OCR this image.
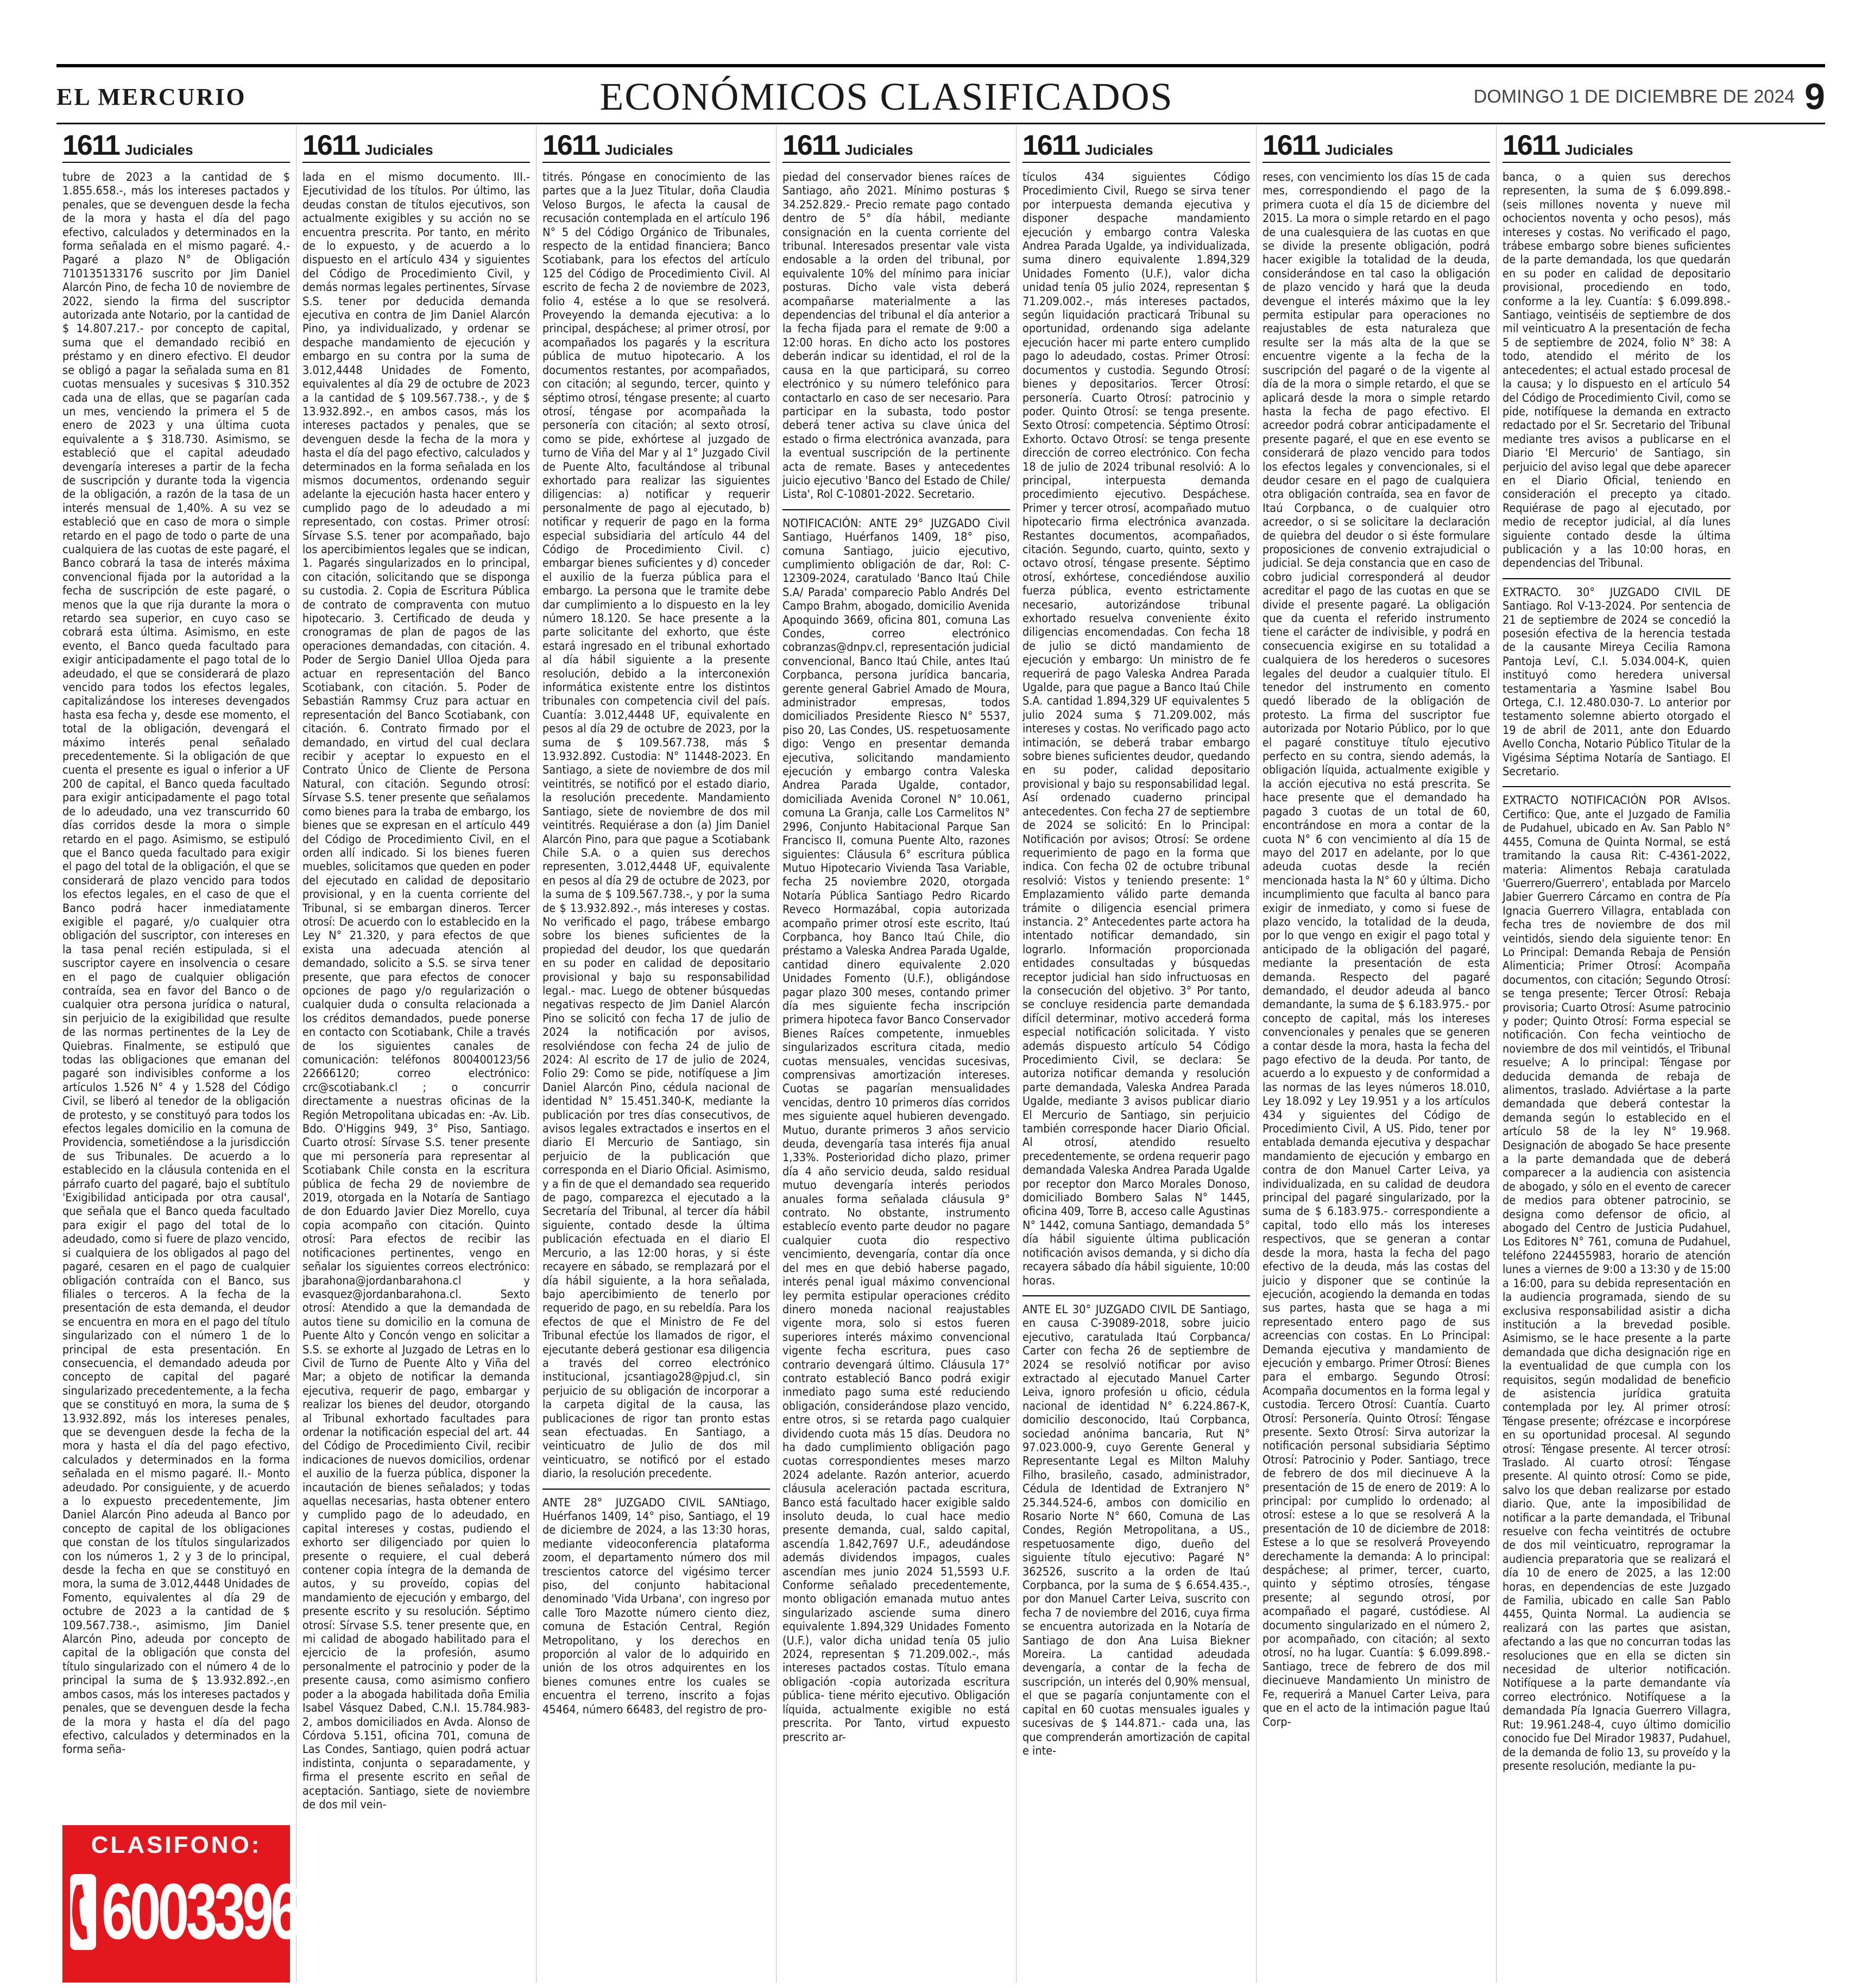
EL MERCURIO	ECONÓMICOS CLASIFICADOS	DOMINGO 1 DE DICIEMBRE DE 2024 9
1611 Judiciales

tubre de 2023 a la cantidad de $ 1.855.658.-, más los intereses pactados y penales, que se devenguen desde la fecha de la mora y hasta el día del pago efectivo, calculados y determinados en la forma señalada en el mismo pagaré. 4.- Pagaré a plazo N° de Obligación 710135133176 suscrito por Jim Daniel Alarcón Pino, de fecha 10 de noviembre de 2022, siendo la firma del suscriptor autorizada ante Notario, por la cantidad de $ 14.807.217.- por concepto de capital, suma que el demandado recibió en préstamo y en dinero efectivo. El deudor se obligó a pagar la señalada suma en 81 cuotas mensuales y sucesivas $ 310.352 cada una de ellas, que se pagarían cada un mes, venciendo la primera el 5 de enero de 2023 y una última cuota equivalente a $ 318.730. Asimismo, se estableció que el capital adeudado devengaría intereses a partir de la fecha de suscripción y durante toda la vigencia de la obligación, a razón de la tasa de un interés mensual de 1,40%. A su vez se estableció que en caso de mora o simple retardo en el pago de todo o parte de una cualquiera de las cuotas de este pagaré, el Banco cobrará la tasa de interés máxima convencional fijada por la autoridad a la fecha de suscripción de este pagaré, o menos que la que rija durante la mora o retardo sea superior, en cuyo caso se cobrará esta última. Asimismo, en este evento, el Banco queda facultado para exigir anticipadamente el pago total de lo adeudado, el que se considerará de plazo vencido para todos los efectos legales, capitalizándose los intereses devengados hasta esa fecha y, desde ese momento, el total de la obligación, devengará el máximo interés penal señalado precedentemente. Si la obligación de que cuenta el presente es igual o inferior a UF 200 de capital, el Banco queda facultado para exigir anticipadamente el pago total de lo adeudado, una vez transcurrido 60 días corridos desde la mora o simple retardo en el pago. Asimismo, se estipuló que el Banco queda facultado para exigir el pago del total de la obligación, el que se considerará de plazo vencido para todos los efectos legales, en el caso de que el Banco podrá hacer inmediatamente exigible el pagaré, y/o cualquier otra obligación del suscriptor, con intereses en la tasa penal recién estipulada, si el suscriptor cayere en insolvencia o cesare en el pago de cualquier obligación contraída, sea en favor del Banco o de cualquier otra persona jurídica o natural, sin perjuicio de la exigibilidad que resulte de las normas pertinentes de la Ley de Quiebras. Finalmente, se estipuló que todas las obligaciones que emanan del pagaré son indivisibles conforme a los artículos 1.526 N° 4 y 1.528 del Código Civil, se liberó al tenedor de la obligación de protesto, y se constituyó para todos los efectos legales domicilio en la comuna de Providencia, sometiéndose a la jurisdicción de sus Tribunales. De acuerdo a lo establecido en la cláusula contenida en el párrafo cuarto del pagaré, bajo el subtítulo 'Exigibilidad anticipada por otra causal', que señala que el Banco queda facultado para exigir el pago del total de lo adeudado, como si fuere de plazo vencido, si cualquiera de los obligados al pago del pagaré, cesaren en el pago de cualquier obligación contraída con el Banco, sus filiales o terceros. A la fecha de la presentación de esta demanda, el deudor se encuentra en mora en el pago del título singularizado con el número 1 de lo principal de esta presentación. En consecuencia, el demandado adeuda por concepto de capital del pagaré singularizado precedentemente, a la fecha que se constituyó en mora, la suma de $ 13.932.892, más los intereses penales, que se devenguen desde la fecha de la mora y hasta el día del pago efectivo, calculados y determinados en la forma señalada en el mismo pagaré. II.- Monto adeudado. Por consiguiente, y de acuerdo a lo expuesto precedentemente, Jim Daniel Alarcón Pino adeuda al Banco por concepto de capital de los obligaciones que constan de los títulos singularizados con los números 1, 2 y 3 de lo principal, desde la fecha en que se constituyó en mora, la suma de 3.012,4448 Unidades de Fomento, equivalentes al día 29 de octubre de 2023 a la cantidad de $ 109.567.738.-, asimismo, Jim Daniel Alarcón Pino, adeuda por concepto de capital de la obligación que consta del título singularizado con el número 4 de lo principal la suma de $ 13.932.892.-,en ambos casos, más los intereses pactados y penales, que se devenguen desde la fecha de la mora y hasta el día del pago efectivo, calculados y determinados en la forma seña-

CLASIFONO:
6003396000
1611 Judiciales

lada en el mismo documento. III.- Ejecutividad de los títulos. Por último, las deudas constan de títulos ejecutivos, son actualmente exigibles y su acción no se encuentra prescrita. Por tanto, en mérito de lo expuesto, y de acuerdo a lo dispuesto en el artículo 434 y siguientes del Código de Procedimiento Civil, y demás normas legales pertinentes, Sírvase S.S. tener por deducida demanda ejecutiva en contra de Jim Daniel Alarcón Pino, ya individualizado, y ordenar se despache mandamiento de ejecución y embargo en su contra por la suma de 3.012,4448 Unidades de Fomento, equivalentes al día 29 de octubre de 2023 a la cantidad de $ 109.567.738.-, y de $ 13.932.892.-, en ambos casos, más los intereses pactados y penales, que se devenguen desde la fecha de la mora y hasta el día del pago efectivo, calculados y determinados en la forma señalada en los mismos documentos, ordenando seguir adelante la ejecución hasta hacer entero y cumplido pago de lo adeudado a mi representado, con costas. Primer otrosí: Sírvase S.S. tener por acompañado, bajo los apercibimientos legales que se indican, 1. Pagarés singularizados en lo principal, con citación, solicitando que se disponga su custodia. 2. Copia de Escritura Pública de contrato de compraventa con mutuo hipotecario. 3. Certificado de deuda y cronogramas de plan de pagos de las operaciones demandadas, con citación. 4. Poder de Sergio Daniel Ulloa Ojeda para actuar en representación del Banco Scotiabank, con citación. 5. Poder de Sebastián Rammsy Cruz para actuar en representación del Banco Scotiabank, con citación. 6. Contrato firmado por el demandado, en virtud del cual declara recibir y aceptar lo expuesto en el Contrato Único de Cliente de Persona Natural, con citación. Segundo otrosí: Sírvase S.S. tener presente que señalamos como bienes para la traba de embargo, los bienes que se expresan en el artículo 449 del Código de Procedimiento Civil, en el orden allí indicado. Si los bienes fueren muebles, solicitamos que queden en poder del ejecutado en calidad de depositario provisional, y en la cuenta corriente del Tribunal, si se embargan dineros. Tercer otrosí: De acuerdo con lo establecido en la Ley N° 21.320, y para efectos de que exista una adecuada atención al demandado, solicito a S.S. se sirva tener presente, que para efectos de conocer opciones de pago y/o regularización o cualquier duda o consulta relacionada a los créditos demandados, puede ponerse en contacto con Scotiabank, Chile a través de los siguientes canales de comunicación: teléfonos 800400123/56 22666120; correo electrónico: crc@scotiabank.cl ; o concurrir directamente a nuestras oficinas de la Región Metropolitana ubicadas en: -Av. Lib. Bdo. O'Higgins 949, 3° Piso, Santiago. Cuarto otrosí: Sírvase S.S. tener presente que mi personería para representar al Scotiabank Chile consta en la escritura pública de fecha 29 de noviembre de 2019, otorgada en la Notaría de Santiago de don Eduardo Javier Diez Morello, cuya copia acompaño con citación. Quinto otrosí: Para efectos de recibir las notificaciones pertinentes, vengo en señalar los siguientes correos electrónico: jbarahona@jordanbarahona.cl y evasquez@jordanbarahona.cl. Sexto otrosí: Atendido a que la demandada de autos tiene su domicilio en la comuna de Puente Alto y Concón vengo en solicitar a S.S. se exhorte al Juzgado de Letras en lo Civil de Turno de Puente Alto y Viña del Mar; a objeto de notificar la demanda ejecutiva, requerir de pago, embargar y realizar los bienes del deudor, otorgando al Tribunal exhortado facultades para ordenar la notificación especial del art. 44 del Código de Procedimiento Civil, recibir indicaciones de nuevos domicilios, ordenar el auxilio de la fuerza pública, disponer la incautación de bienes señalados; y todas aquellas necesarias, hasta obtener entero y cumplido pago de lo adeudado, en capital intereses y costas, pudiendo el exhorto ser diligenciado por quien lo presente o requiere, el cual deberá contener copia íntegra de la demanda de autos, y su proveído, copias del mandamiento de ejecución y embargo, del presente escrito y su resolución. Séptimo otrosí: Sírvase S.S. tener presente que, en mi calidad de abogado habilitado para el ejercicio de la profesión, asumo personalmente el patrocinio y poder de la presente causa, como asimismo confiero poder a la abogada habilitada doña Emilia Isabel Vásquez Dabed, C.N.I. 15.784.983-2, ambos domiciliados en Avda. Alonso de Córdova 5.151, oficina 701, comuna de Las Condes, Santiago, quien podrá actuar indistinta, conjunta o separadamente, y firma el presente escrito en señal de aceptación. Santiago, siete de noviembre de dos mil vein-

1611 Judiciales

titrés. Póngase en conocimiento de las partes que a la Juez Titular, doña Claudia Veloso Burgos, le afecta la causal de recusación contemplada en el artículo 196 N° 5 del Código Orgánico de Tribunales, respecto de la entidad financiera; Banco Scotiabank, para los efectos del artículo 125 del Código de Procedimiento Civil. Al escrito de fecha 2 de noviembre de 2023, folio 4, estése a lo que se resolverá. Proveyendo la demanda ejecutiva: a lo principal, despáchese; al primer otrosí, por acompañados los pagarés y la escritura pública de mutuo hipotecario. A los documentos restantes, por acompañados, con citación; al segundo, tercer, quinto y séptimo otrosí, téngase presente; al cuarto otrosí, téngase por acompañada la personería con citación; al sexto otrosí, como se pide, exhórtese al juzgado de turno de Viña del Mar y al 1° Juzgado Civil de Puente Alto, facultándose al tribunal exhortado para realizar las siguientes diligencias: a) notificar y requerir personalmente de pago al ejecutado, b) notificar y requerir de pago en la forma especial subsidiaria del artículo 44 del Código de Procedimiento Civil. c) embargar bienes suficientes y d) conceder el auxilio de la fuerza pública para el embargo. La persona que le tramite debe dar cumplimiento a lo dispuesto en la ley número 18.120. Se hace presente a la parte solicitante del exhorto, que éste estará ingresado en el tribunal exhortado al día hábil siguiente a la presente resolución, debido a la interconexión informática existente entre los distintos tribunales con competencia civil del país. Cuantía: 3.012,4448 UF, equivalente en pesos al día 29 de octubre de 2023, por la suma de $ 109.567.738, más $ 13.932.892. Custodia: N° 11448-2023. En Santiago, a siete de noviembre de dos mil veintitrés, se notificó por el estado diario, la resolución precedente. Mandamiento Santiago, siete de noviembre de dos mil veintitrés. Requiérase a don (a) Jim Daniel Alarcón Pino, para que pague a Scotiabank Chile S.A. o a quien sus derechos representen, 3.012,4448 UF, equivalente en pesos al día 29 de octubre de 2023, por la suma de $ 109.567.738.-, y por la suma de $ 13.932.892.-, más intereses y costas. No verificado el pago, trábese embargo sobre los bienes suficientes de la propiedad del deudor, los que quedarán en su poder en calidad de depositario provisional y bajo su responsabilidad legal.- mac. Luego de obtener búsquedas negativas respecto de Jim Daniel Alarcón Pino se solicitó con fecha 17 de julio de 2024 la notificación por avisos, resolviéndose con fecha 24 de julio de 2024: Al escrito de 17 de julio de 2024, Folio 29: Como se pide, notifíquese a Jim Daniel Alarcón Pino, cédula nacional de identidad N° 15.451.340-K, mediante la publicación por tres días consecutivos, de avisos legales extractados e insertos en el diario El Mercurio de Santiago, sin perjuicio de la publicación que corresponda en el Diario Oficial. Asimismo, y a fin de que el demandado sea requerido de pago, comparezca el ejecutado a la Secretaría del Tribunal, al tercer día hábil siguiente, contado desde la última publicación efectuada en el diario El Mercurio, a las 12:00 horas, y si éste recayere en sábado, se remplazará por el día hábil siguiente, a la hora señalada, bajo apercibimiento de tenerlo por requerido de pago, en su rebeldía. Para los efectos de que el Ministro de Fe del Tribunal efectúe los llamados de rigor, el ejecutante deberá gestionar esa diligencia a través del correo electrónico institucional, jcsantiago28@pjud.cl, sin perjuicio de su obligación de incorporar a la carpeta digital de la causa, las publicaciones de rigor tan pronto estas sean efectuadas. En Santiago, a veinticuatro de Julio de dos mil veinticuatro, se notificó por el estado diario, la resolución precedente.

ANTE 28° JUZGADO CIVIL SANtiago, Huérfanos 1409, 14° piso, Santiago, el 19 de diciembre de 2024, a las 13:30 horas, mediante videoconferencia plataforma zoom, el departamento número dos mil trescientos catorce del vigésimo tercer piso, del conjunto habitacional denominado 'Vida Urbana', con ingreso por calle Toro Mazotte número ciento diez, comuna de Estación Central, Región Metropolitano, y los derechos en proporción al valor de lo adquirido en unión de los otros adquirentes en los bienes comunes entre los cuales se encuentra el terreno, inscrito a fojas 45464, número 66483, del registro de pro-

1611 Judiciales

piedad del conservador bienes raíces de Santiago, año 2021. Mínimo posturas $ 34.252.829.- Precio remate pago contado dentro de 5° día hábil, mediante consignación en la cuenta corriente del tribunal. Interesados presentar vale vista endosable a la orden del tribunal, por equivalente 10% del mínimo para iniciar posturas. Dicho vale vista deberá acompañarse materialmente a las dependencias del tribunal el día anterior a la fecha fijada para el remate de 9:00 a 12:00 horas. En dicho acto los postores deberán indicar su identidad, el rol de la causa en la que participará, su correo electrónico y su número telefónico para contactarlo en caso de ser necesario. Para participar en la subasta, todo postor deberá tener activa su clave única del estado o firma electrónica avanzada, para la eventual suscripción de la pertinente acta de remate. Bases y antecedentes juicio ejecutivo 'Banco del Estado de Chile/ Lista', Rol C-10801-2022. Secretario.

NOTIFICACIÓN: ANTE 29° JUZGADO Civil Santiago, Huérfanos 1409, 18° piso, comuna Santiago, juicio ejecutivo, cumplimiento obligación de dar, Rol: C-12309-2024, caratulado 'Banco Itaú Chile S.A/ Parada' comparecio Pablo Andrés Del Campo Brahm, abogado, domicilio Avenida Apoquindo 3669, oficina 801, comuna Las Condes, correo electrónico cobranzas@dnpv.cl, representación judicial convencional, Banco Itaú Chile, antes Itaú Corpbanca, persona jurídica bancaria, gerente general Gabriel Amado de Moura, administrador empresas, todos domiciliados Presidente Riesco N° 5537, piso 20, Las Condes, US. respetuosamente digo: Vengo en presentar demanda ejecutiva, solicitando mandamiento ejecución y embargo contra Valeska Andrea Parada Ugalde, contador, domiciliada Avenida Coronel N° 10.061, comuna La Granja, calle Los Carmelitos N° 2996, Conjunto Habitacional Parque San Francisco II, comuna Puente Alto, razones siguientes: Cláusula 6° escritura pública Mutuo Hipotecario Vivienda Tasa Variable, fecha 25 noviembre 2020, otorgada Notaría Pública Santiago Pedro Ricardo Reveco Hormazábal, copia autorizada acompaño primer otrosí este escrito, Itaú Corpbanca, hoy Banco Itaú Chile, dio préstamo a Valeska Andrea Parada Ugalde, cantidad dinero equivalente 2.020 Unidades Fomento (U.F.), obligándose pagar plazo 300 meses, contando primer día mes siguiente fecha inscripción primera hipoteca favor Banco Conservador Bienes Raíces competente, inmuebles singularizados escritura citada, medio cuotas mensuales, vencidas sucesivas, comprensivas amortización intereses. Cuotas se pagarían mensualidades vencidas, dentro 10 primeros días corridos mes siguiente aquel hubieren devengado. Mutuo, durante primeros 3 años servicio deuda, devengaría tasa interés fija anual 1,33%. Posterioridad dicho plazo, primer día 4 año servicio deuda, saldo residual mutuo devengaría interés periodos anuales forma señalada cláusula 9° contrato. No obstante, instrumento establecío evento parte deudor no pagare cualquier cuota dio respectivo vencimiento, devengaría, contar día once del mes en que debió haberse pagado, interés penal igual máximo convencional ley permita estipular operaciones crédito dinero moneda nacional reajustables vigente mora, solo si estos fueren superiores interés máximo convencional vigente fecha escritura, pues caso contrario devengará último. Cláusula 17° contrato estableció Banco podrá exigir inmediato pago suma esté reduciendo obligación, considerándose plazo vencido, entre otros, si se retarda pago cualquier dividendo cuota más 15 días. Deudora no ha dado cumplimiento obligación pago cuotas correspondientes meses marzo 2024 adelante. Razón anterior, acuerdo cláusula aceleración pactada escritura, Banco está facultado hacer exigible saldo insoluto deuda, lo cual hace medio presente demanda, cual, saldo capital, ascendía 1.842,7697 U.F., adeudándose además dividendos impagos, cuales ascendían mes junio 2024 51,5593 U.F. Conforme señalado precedentemente, monto obligación emanada mutuo antes singularizado asciende suma dinero equivalente 1.894,329 Unidades Fomento (U.F.), valor dicha unidad tenía 05 julio 2024, representan $ 71.209.002.-, más intereses pactados costas. Título emana obligación -copia autorizada escritura pública- tiene mérito ejecutivo. Obligación líquida, actualmente exigible no está prescrita. Por Tanto, virtud expuesto prescrito ar-

1611 Judiciales

tículos 434 siguientes Código Procedimiento Civil, Ruego se sirva tener por interpuesta demanda ejecutiva y disponer despache mandamiento ejecución y embargo contra Valeska Andrea Parada Ugalde, ya individualizada, suma dinero equivalente 1.894,329 Unidades Fomento (U.F.), valor dicha unidad tenía 05 julio 2024, representan $ 71.209.002.-, más intereses pactados, según liquidación practicará Tribunal su oportunidad, ordenando siga adelante ejecución hacer mi parte entero cumplido pago lo adeudado, costas. Primer Otrosí: documentos y custodia. Segundo Otrosí: bienes y depositarios. Tercer Otrosí: personería. Cuarto Otrosí: patrocinio y poder. Quinto Otrosí: se tenga presente. Sexto Otrosí: competencia. Séptimo Otrosí: Exhorto. Octavo Otrosí: se tenga presente dirección de correo electrónico. Con fecha 18 de julio de 2024 tribunal resolvió: A lo principal, interpuesta demanda procedimiento ejecutivo. Despáchese. Primer y tercer otrosí, acompañado mutuo hipotecario firma electrónica avanzada. Restantes documentos, acompañados, citación. Segundo, cuarto, quinto, sexto y octavo otrosí, téngase presente. Séptimo otrosí, exhórtese, concediéndose auxilio fuerza pública, evento estrictamente necesario, autorizándose tribunal exhortado resuelva conveniente éxito diligencias encomendadas. Con fecha 18 de julio se dictó mandamiento de ejecución y embargo: Un ministro de fe requerirá de pago Valeska Andrea Parada Ugalde, para que pague a Banco Itaú Chile S.A. cantidad 1.894,329 UF equivalentes 5 julio 2024 suma $ 71.209.002, más intereses y costas. No verificado pago acto intimación, se deberá trabar embargo sobre bienes suficientes deudor, quedando en su poder, calidad depositario provisional y bajo su responsabilidad legal. Así ordenado cuaderno principal antecedentes. Con fecha 27 de septiembre de 2024 se solicitó: En lo Principal: Notificación por avisos; Otrosí: Se ordene requerimiento de pago en la forma que indica. Con fecha 02 de octubre tribunal resolvió: Vistos y teniendo presente: 1° Emplazamiento válido parte demanda trámite o diligencia esencial primera instancia. 2° Antecedentes parte actora ha intentado notificar demandado, sin lograrlo. Información proporcionada entidades consultadas y búsquedas receptor judicial han sido infructuosas en la consecución del objetivo. 3° Por tanto, se concluye residencia parte demandada difícil determinar, motivo accederá forma especial notificación solicitada. Y visto además dispuesto artículo 54 Código Procedimiento Civil, se declara: Se autoriza notificar demanda y resolución parte demandada, Valeska Andrea Parada Ugalde, mediante 3 avisos publicar diario El Mercurio de Santiago, sin perjuicio también corresponde hacer Diario Oficial. Al otrosí, atendido resuelto precedentemente, se ordena requerir pago demandada Valeska Andrea Parada Ugalde por receptor don Marco Morales Donoso, domiciliado Bombero Salas N° 1445, oficina 409, Torre B, acceso calle Agustinas N° 1442, comuna Santiago, demandada 5° día hábil siguiente última publicación notificación avisos demanda, y si dicho día recayera sábado día hábil siguiente, 10:00 horas.

ANTE EL 30° JUZGADO CIVIL DE Santiago, en causa C-39089-2018, sobre juicio ejecutivo, caratulada Itaú Corpbanca/ Carter con fecha 26 de septiembre de 2024 se resolvió notificar por aviso extractado al ejecutado Manuel Carter Leiva, ignoro profesión u oficio, cédula nacional de identidad N° 6.224.867-K, domicilio desconocido, Itaú Corpbanca, sociedad anónima bancaria, Rut N° 97.023.000-9, cuyo Gerente General y Representante Legal es Milton Maluhy Filho, brasileño, casado, administrador, Cédula de Identidad de Extranjero N° 25.344.524-6, ambos con domicilio en Rosario Norte N° 660, Comuna de Las Condes, Región Metropolitana, a US., respetuosamente digo, dueño del siguiente título ejecutivo: Pagaré N° 362526, suscrito a la orden de Itaú Corpbanca, por la suma de $ 6.654.435.-, por don Manuel Carter Leiva, suscrito con fecha 7 de noviembre del 2016, cuya firma se encuentra autorizada en la Notaría de Santiago de don Ana Luisa Biekner Moreira. La cantidad adeudada devengaría, a contar de la fecha de suscripción, un interés del 0,90% mensual, el que se pagaría conjuntamente con el capital en 60 cuotas mensuales iguales y sucesivas de $ 144.871.- cada una, las que comprenderán amortización de capital e inte-

1611 Judiciales

reses, con vencimiento los días 15 de cada mes, correspondiendo el pago de la primera cuota el día 15 de diciembre del 2015. La mora o simple retardo en el pago de una cualesquiera de las cuotas en que se divide la presente obligación, podrá hacer exigible la totalidad de la deuda, considerándose en tal caso la obligación de plazo vencido y hará que la deuda devengue el interés máximo que la ley permita estipular para operaciones no reajustables de esta naturaleza que resulte ser la más alta de la que se encuentre vigente a la fecha de la suscripción del pagaré o de la vigente al día de la mora o simple retardo, el que se aplicará desde la mora o simple retardo hasta la fecha de pago efectivo. El acreedor podrá cobrar anticipadamente el presente pagaré, el que en ese evento se considerará de plazo vencido para todos los efectos legales y convencionales, si el deudor cesare en el pago de cualquiera otra obligación contraída, sea en favor de Itaú Corpbanca, o de cualquier otro acreedor, o si se solicitare la declaración de quiebra del deudor o si éste formulare proposiciones de convenio extrajudicial o judicial. Se deja constancia que en caso de cobro judicial corresponderá al deudor acreditar el pago de las cuotas en que se divide el presente pagaré. La obligación que da cuenta el referido instrumento tiene el carácter de indivisible, y podrá en consecuencia exigirse en su totalidad a cualquiera de los herederos o sucesores legales del deudor a cualquier título. El tenedor del instrumento en comento quedó liberado de la obligación de protesto. La firma del suscriptor fue autorizada por Notario Público, por lo que el pagaré constituye título ejecutivo perfecto en su contra, siendo además, la obligación líquida, actualmente exigible y la acción ejecutiva no está prescrita. Se hace presente que el demandado ha pagado 3 cuotas de un total de 60, encontrándose en mora a contar de la cuota N° 6 con vencimiento al día 15 de mayo del 2017 en adelante, por lo que adeuda cuotas desde la recién mencionada hasta la N° 60 y última. Dicho incumplimiento que faculta al banco para exigir de inmediato, y como si fuese de plazo vencido, la totalidad de la deuda, por lo que vengo en exigir el pago total y anticipado de la obligación del pagaré, mediante la presentación de esta demanda. Respecto del pagaré demandado, el deudor adeuda al banco demandante, la suma de $ 6.183.975.- por concepto de capital, más los intereses convencionales y penales que se generen a contar desde la mora, hasta la fecha del pago efectivo de la deuda. Por tanto, de acuerdo a lo expuesto y de conformidad a las normas de las leyes números 18.010, Ley 18.092 y Ley 19.951 y a los artículos 434 y siguientes del Código de Procedimiento Civil, A US. Pido, tener por entablada demanda ejecutiva y despachar mandamiento de ejecución y embargo en contra de don Manuel Carter Leiva, ya individualizada, en su calidad de deudora principal del pagaré singularizado, por la suma de $ 6.183.975.- correspondiente a capital, todo ello más los intereses respectivos, que se generan a contar desde la mora, hasta la fecha del pago efectivo de la deuda, más las costas del juicio y disponer que se continúe la ejecución, acogiendo la demanda en todas sus partes, hasta que se haga a mi representado entero pago de sus acreencias con costas. En Lo Principal: Demanda ejecutiva y mandamiento de ejecución y embargo. Primer Otrosí: Bienes para el embargo. Segundo Otrosí: Acompaña documentos en la forma legal y custodia. Tercero Otrosí: Cuantía. Cuarto Otrosí: Personería. Quinto Otrosí: Téngase presente. Sexto Otrosí: Sirva autorizar la notificación personal subsidiaria Séptimo Otrosí: Patrocinio y Poder. Santiago, trece de febrero de dos mil diecinueve A la presentación de 15 de enero de 2019: A lo principal: por cumplido lo ordenado; al otrosí: estese a lo que se resolverá A la presentación de 10 de diciembre de 2018: Estese a lo que se resolverá Proveyendo derechamente la demanda: A lo principal: despáchese; al primer, tercer, cuarto, quinto y séptimo otrosíes, téngase presente; al segundo otrosí, por acompañado el pagaré, custódiese. Al documento singularizado en el número 2, por acompañado, con citación; al sexto otrosí, no ha lugar. Cuantía: $ 6.099.898.- Santiago, trece de febrero de dos mil diecinueve Mandamiento Un ministro de Fe, requerirá a Manuel Carter Leiva, para que en el acto de la intimación pague Itaú Corp-

1611 Judiciales

banca, o a quien sus derechos representen, la suma de $ 6.099.898.- (seis millones noventa y nueve mil ochocientos noventa y ocho pesos), más intereses y costas. No verificado el pago, trábese embargo sobre bienes suficientes de la parte demandada, los que quedarán en su poder en calidad de depositario provisional, procediendo en todo, conforme a la ley. Cuantía: $ 6.099.898.- Santiago, veintiséis de septiembre de dos mil veinticuatro A la presentación de fecha 5 de septiembre de 2024, folio N° 38: A todo, atendido el mérito de los antecedentes; el actual estado procesal de la causa; y lo dispuesto en el artículo 54 del Código de Procedimiento Civil, como se pide, notifíquese la demanda en extracto redactado por el Sr. Secretario del Tribunal mediante tres avisos a publicarse en el Diario 'El Mercurio' de Santiago, sin perjuicio del aviso legal que debe aparecer en el Diario Oficial, teniendo en consideración el precepto ya citado. Requiérase de pago al ejecutado, por medio de receptor judicial, al día lunes siguiente contado desde la última publicación y a las 10:00 horas, en dependencias del Tribunal.

EXTRACTO. 30° JUZGADO CIVIL DE Santiago. Rol V-13-2024. Por sentencia de 21 de septiembre de 2024 se concedió la posesión efectiva de la herencia testada de la causante Mireya Cecilia Ramona Pantoja Leví, C.I. 5.034.004-K, quien instituyó como herederа universal testamentaria a Yasmine Isabel Bou Ortega, C.I. 12.480.030-7. Lo anterior por testamento solemne abierto otorgado el 19 de abril de 2011, ante don Eduardo Avello Concha, Notario Público Titular de la Vigésima Séptima Notaría de Santiago. El Secretario.

EXTRACTO NOTIFICACIÓN POR AVIsos. Certifico: Que, ante el Juzgado de Familia de Pudahuel, ubicado en Av. San Pablo N° 4455, Comuna de Quinta Normal, se está tramitando la causa Rit: C-4361-2022, materia: Alimentos Rebaja caratulada 'Guerrero/Guerrero', entablada por Marcelo Jabier Guerrero Cárcamo en contra de Pía Ignacia Guerrero Villagra, entablada con fecha tres de noviembre de dos mil veintidós, siendo dela siguiente tenor: En Lo Principal: Demanda Rebaja de Pensión Alimenticia; Primer Otrosí: Acompaña documentos, con citación; Segundo Otrosí: se tenga presente; Tercer Otrosí: Rebaja provisoria; Cuarto Otrosí: Asume patrocinio y poder; Quinto Otrosí: Forma especial se notificación. Con fecha veintiocho de noviembre de dos mil veintidós, el Tribunal resuelve; A lo principal: Téngase por deducida demanda de rebaja de alimentos, traslado. Adviértase a la parte demandada que deberá contestar la demanda según lo establecido en el artículo 58 de la ley N° 19.968. Designación de abogado Se hace presente a la parte demandada que de deberá comparecer a la audiencia con asistencia de abogado, y sólo en el evento de carecer de medios para obtener patrocinio, se designa como defensor de oficio, al abogado del Centro de Justicia Pudahuel, Los Editores N° 761, comuna de Pudahuel, teléfono 224455983, horario de atención lunes a viernes de 9:00 a 13:30 y de 15:00 a 16:00, para su debida representación en la audiencia programada, siendo de su exclusiva responsabilidad asistir a dicha institución a la brevedad posible. Asimismo, se le hace presente a la parte demandada que dicha designación rige en la eventualidad de que cumpla con los requisitos, según modalidad de beneficio de asistencia jurídica gratuita contemplada por ley. Al primer otrosí: Téngase presente; ofrézcase e incorpórese en su oportunidad procesal. Al segundo otrosí: Téngase presente. Al tercer otrosí: Traslado. Al cuarto otrosí: Téngase presente. Al quinto otrosí: Como se pide, salvo los que deban realizarse por estado diario. Que, ante la imposibilidad de notificar a la parte demandada, el Tribunal resuelve con fecha veintitrés de octubre de dos mil veinticuatro, reprogramar la audiencia preparatoria que se realizará el día 10 de enero de 2025, a las 12:00 horas, en dependencias de este Juzgado de Familia, ubicado en calle San Pablo 4455, Quinta Normal. La audiencia se realizará con las partes que asistan, afectando a las que no concurran todas las resoluciones que en ella se dicten sin necesidad de ulterior notificación. Notifíquese a la parte demandante vía correo electrónico. Notifíquese a la demandada Pía Ignacia Guerrero Villagra, Rut: 19.961.248-4, cuyo último domicilio conocido fue Del Mirador 19837, Pudahuel, de la demanda de folio 13, su proveído y la presente resolución, mediante la pu-
